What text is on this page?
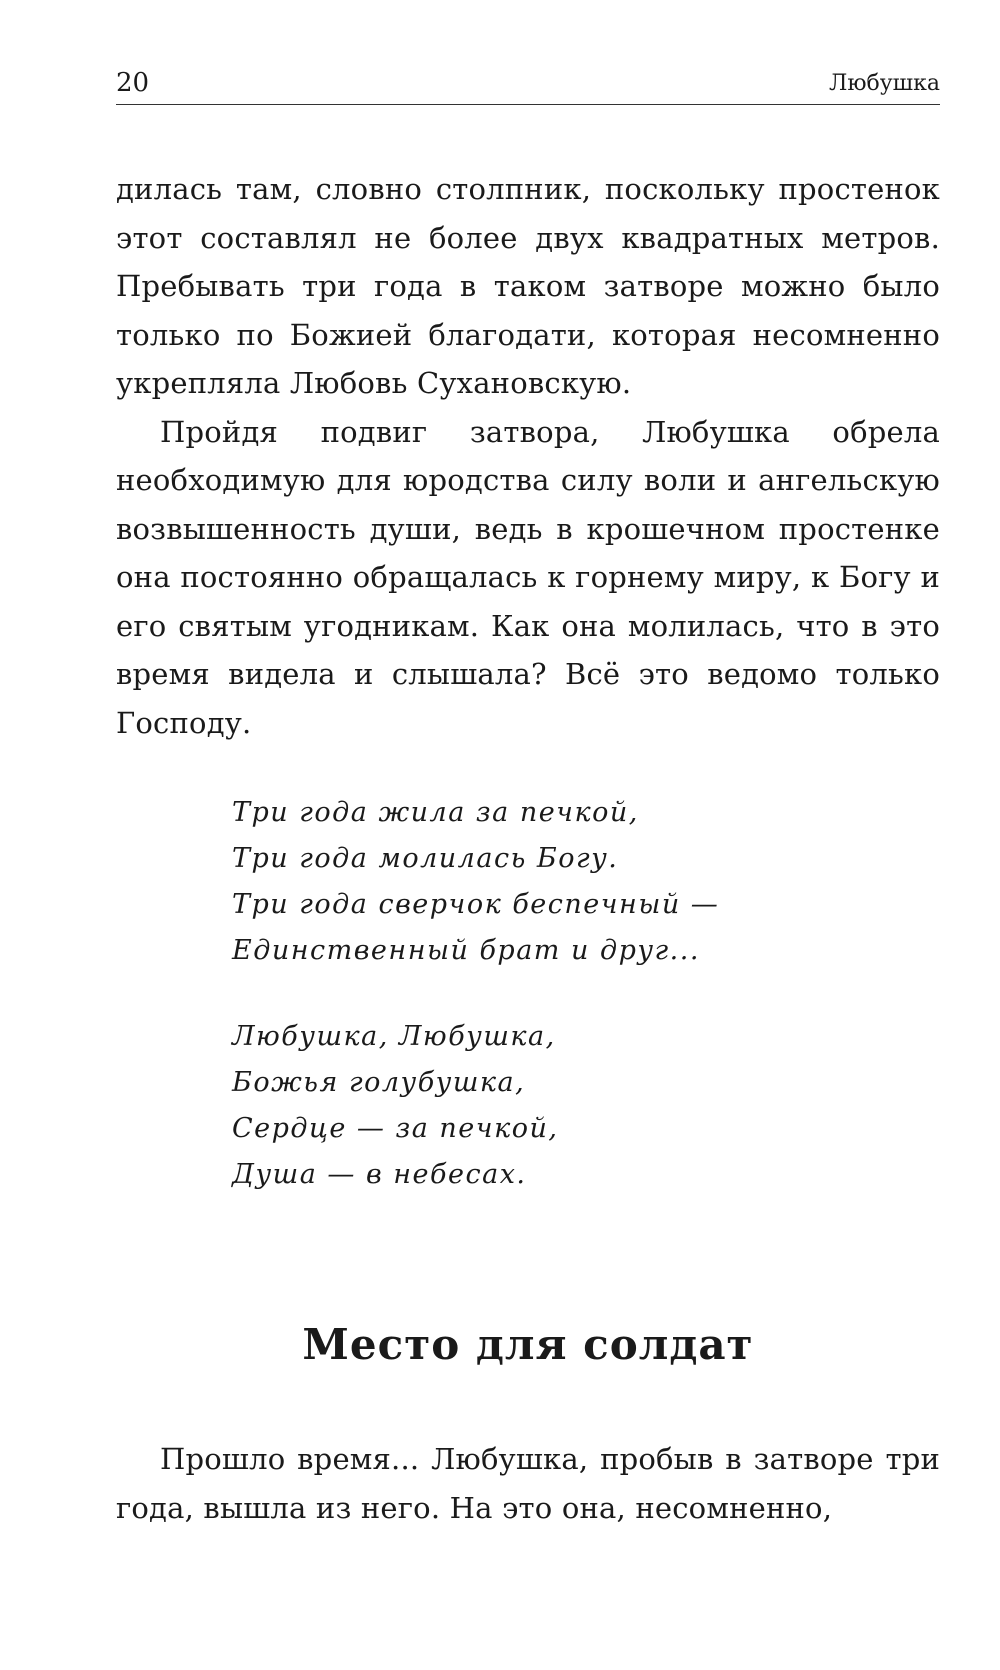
20	Любушка

дилась там, словно столпник, поскольку простенок этот составлял не более двух квадратных метров. Пребывать три года в таком затворе можно было только по Божией благодати, которая несомненно укрепляла Любовь Сухановскую.

Пройдя подвиг затвора, Любушка обрела необходимую для юродства силу воли и ангельскую возвышенность души, ведь в крошечном простенке она постоянно обращалась к горнему миру, к Богу и его святым угодникам. Как она молилась, что в это время видела и слышала? Всё это ведомо только Господу.

Три года жила за печкой,
Три года молилась Богу.
Три года сверчок беспечный —
Единственный брат и друг...

Любушка, Любушка,
Божья голубушка,
Сердце — за печкой,
Душа — в небесах.

Место для солдат

Прошло время... Любушка, пробыв в затворе три года, вышла из него. На это она, несомненно,
